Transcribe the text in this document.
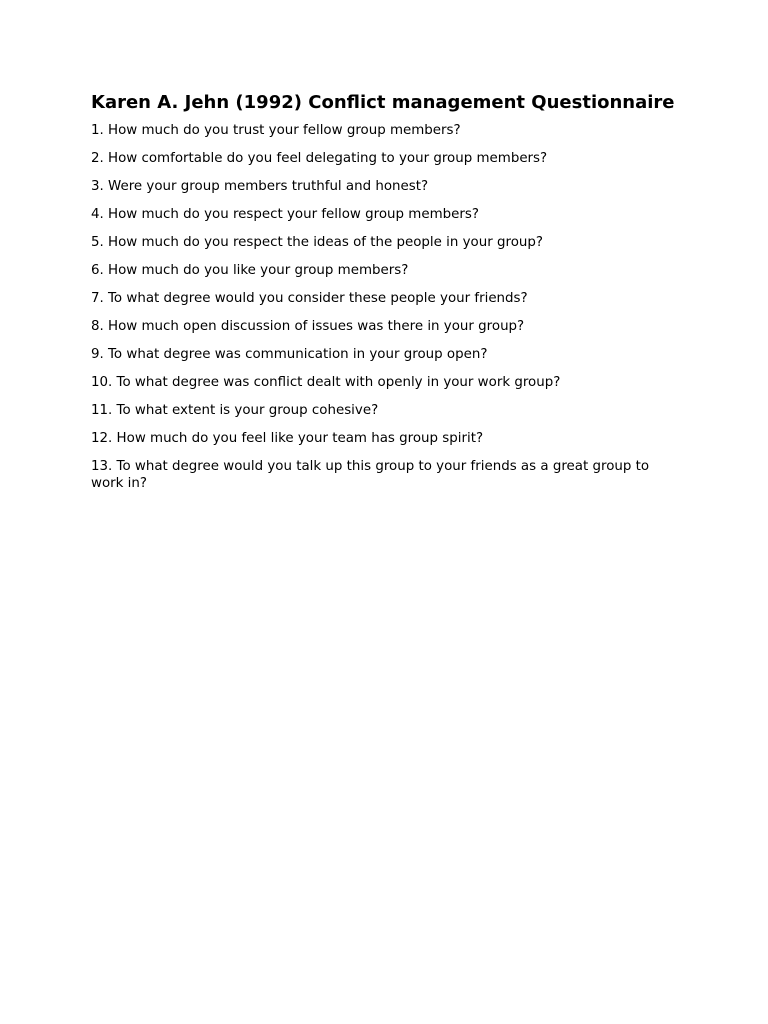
Karen A. Jehn (1992) Conflict management Questionnaire
1. How much do you trust your fellow group members?
2. How comfortable do you feel delegating to your group members?
3. Were your group members truthful and honest?
4. How much do you respect your fellow group members?
5. How much do you respect the ideas of the people in your group?
6. How much do you like your group members?
7. To what degree would you consider these people your friends?
8. How much open discussion of issues was there in your group?
9. To what degree was communication in your group open?
10. To what degree was conflict dealt with openly in your work group?
11. To what extent is your group cohesive?
12. How much do you feel like your team has group spirit?
13. To what degree would you talk up this group to your friends as a great group to work in?
